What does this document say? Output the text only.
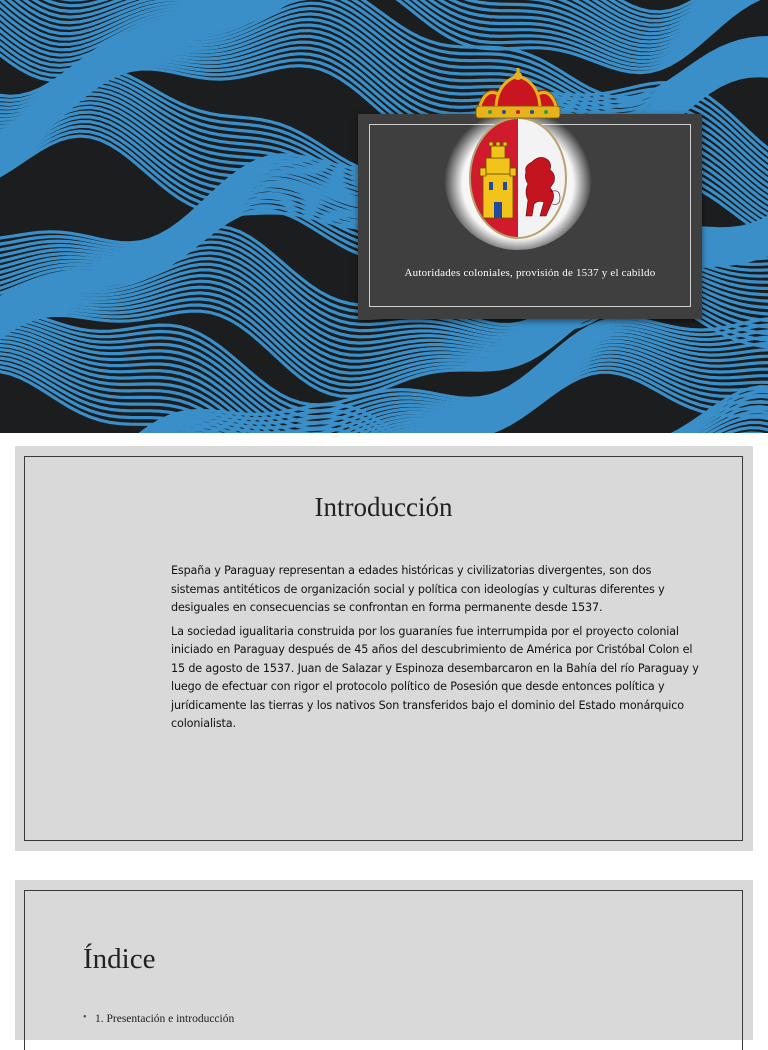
Autoridades coloniales, provisión de 1537 y el cabildo
Introducción

España y Paraguay representan a edades históricas y civilizatorias divergentes, son dos sistemas antitéticos de organización social y política con ideologías y culturas diferentes y desiguales en consecuencias se confrontan en forma permanente desde 1537.

La sociedad igualitaria construida por los guaraníes fue interrumpida por el proyecto colonial iniciado en Paraguay después de 45 años del descubrimiento de América por Cristóbal Colon el 15 de agosto de 1537. Juan de Salazar y Espinoza desembarcaron en la Bahía del río Paraguay y luego de efectuar con rigor el protocolo político de Posesión que desde entonces política y jurídicamente las tierras y los nativos Son transferidos bajo el dominio del Estado monárquico colonialista.

Índice
• 1. Presentación e introducción
